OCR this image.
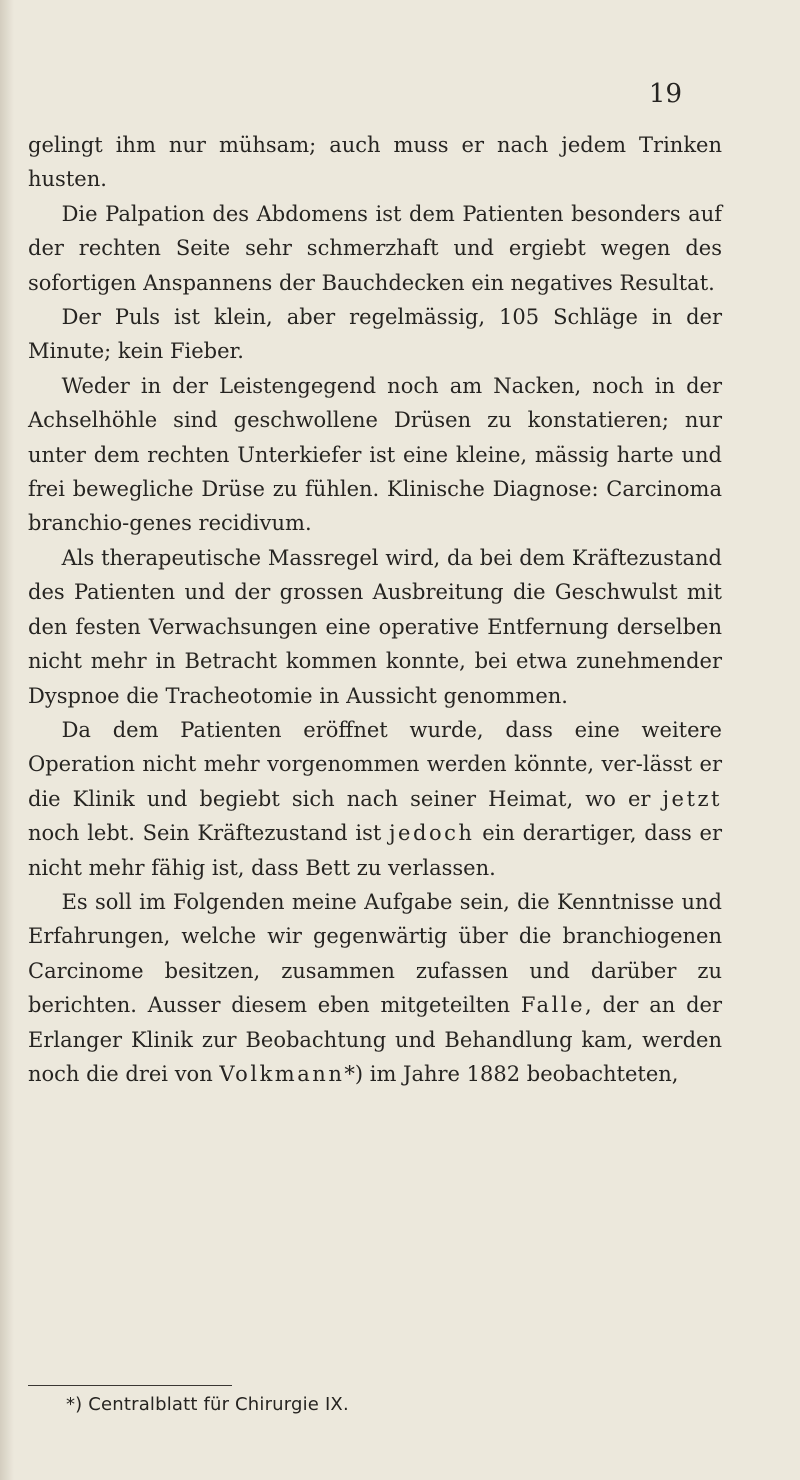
19

gelingt ihm nur mühsam; auch muss er nach jedem Trinken husten.

Die Palpation des Abdomens ist dem Patienten besonders auf der rechten Seite sehr schmerzhaft und ergiebt wegen des sofortigen Anspannens der Bauchdecken ein negatives Resultat.

Der Puls ist klein, aber regelmässig, 105 Schläge in der Minute; kein Fieber.

Weder in der Leistengegend noch am Nacken, noch in der Achselhöhle sind geschwollene Drüsen zu konstatieren; nur unter dem rechten Unterkiefer ist eine kleine, mässig harte und frei bewegliche Drüse zu fühlen. Klinische Diagnose: Carcinoma branchio-genes recidivum.

Als therapeutische Massregel wird, da bei dem Kräftezustand des Patienten und der grossen Ausbreitung die Geschwulst mit den festen Verwachsungen eine operative Entfernung derselben nicht mehr in Betracht kommen konnte, bei etwa zunehmender Dyspnoe die Tracheotomie in Aussicht genommen.

Da dem Patienten eröffnet wurde, dass eine weitere Operation nicht mehr vorgenommen werden könnte, ver-lässt er die Klinik und begiebt sich nach seiner Heimat, wo er jetzt noch lebt. Sein Kräftezustand ist jedoch ein derartiger, dass er nicht mehr fähig ist, dass Bett zu verlassen.

Es soll im Folgenden meine Aufgabe sein, die Kenntnisse und Erfahrungen, welche wir gegenwärtig über die branchiogenen Carcinome besitzen, zusammen zufassen und darüber zu berichten. Ausser diesem eben mitgeteilten Falle, der an der Erlanger Klinik zur Beobachtung und Behandlung kam, werden noch die drei von Volkmann*) im Jahre 1882 beobachteten,

*) Centralblatt für Chirurgie IX.
